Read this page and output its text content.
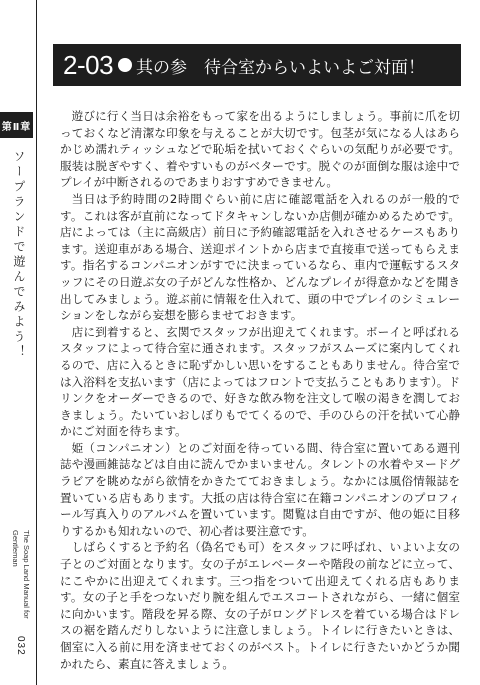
第Ⅱ章
ソープランドで遊んでみよう！
The Soap Land Manual for Gentleman
032
2-03 其の参　待合室からいよいよご対面！

遊びに行く当日は余裕をもって家を出るようにしましょう。事前に爪を切っておくなど清潔な印象を与えることが大切です。包茎が気になる人はあらかじめ濡れティッシュなどで恥垢を拭いておくぐらいの気配りが必要です。服装は脱ぎやすく、着やすいものがベターです。脱ぐのが面倒な服は途中でプレイが中断されるのであまりおすすめできません。

当日は予約時間の2時間ぐらい前に店に確認電話を入れるのが一般的です。これは客が直前になってドタキャンしないか店側が確かめるためです。店によっては（主に高級店）前日に予約確認電話を入れさせるケースもあります。送迎車がある場合、送迎ポイントから店まで直接車で送ってもらえます。指名するコンパニオンがすでに決まっているなら、車内で運転するスタッフにその日遊ぶ女の子がどんな性格か、どんなプレイが得意かなどを聞き出してみましょう。遊ぶ前に情報を仕入れて、頭の中でプレイのシミュレーションをしながら妄想を膨らませておきます。

店に到着すると、玄関でスタッフが出迎えてくれます。ボーイと呼ばれるスタッフによって待合室に通されます。スタッフがスムーズに案内してくれるので、店に入るときに恥ずかしい思いをすることもありません。待合室では入浴料を支払います（店によってはフロントで支払うこともあります）。ドリンクをオーダーできるので、好きな飲み物を注文して喉の渇きを潤しておきましょう。たいていおしぼりもでてくるので、手のひらの汗を拭いて心静かにご対面を待ちます。

姫（コンパニオン）とのご対面を待っている間、待合室に置いてある週刊誌や漫画雑誌などは自由に読んでかまいません。タレントの水着やヌードグラビアを眺めながら欲情をかきたてておきましょう。なかには風俗情報誌を置いている店もあります。大抵の店は待合室に在籍コンパニオンのプロフィール写真入りのアルバムを置いています。閲覧は自由ですが、他の姫に目移りするかも知れないので、初心者は要注意です。

しばらくすると予約名（偽名でも可）をスタッフに呼ばれ、いよいよ女の子とのご対面となります。女の子がエレベーターや階段の前などに立って、にこやかに出迎えてくれます。三つ指をついて出迎えてくれる店もあります。女の子と手をつないだり腕を組んでエスコートされながら、一緒に個室に向かいます。階段を昇る際、女の子がロングドレスを着ている場合はドレスの裾を踏んだりしないように注意しましょう。トイレに行きたいときは、個室に入る前に用を済ませておくのがベスト。トイレに行きたいかどうか聞かれたら、素直に答えましょう。
